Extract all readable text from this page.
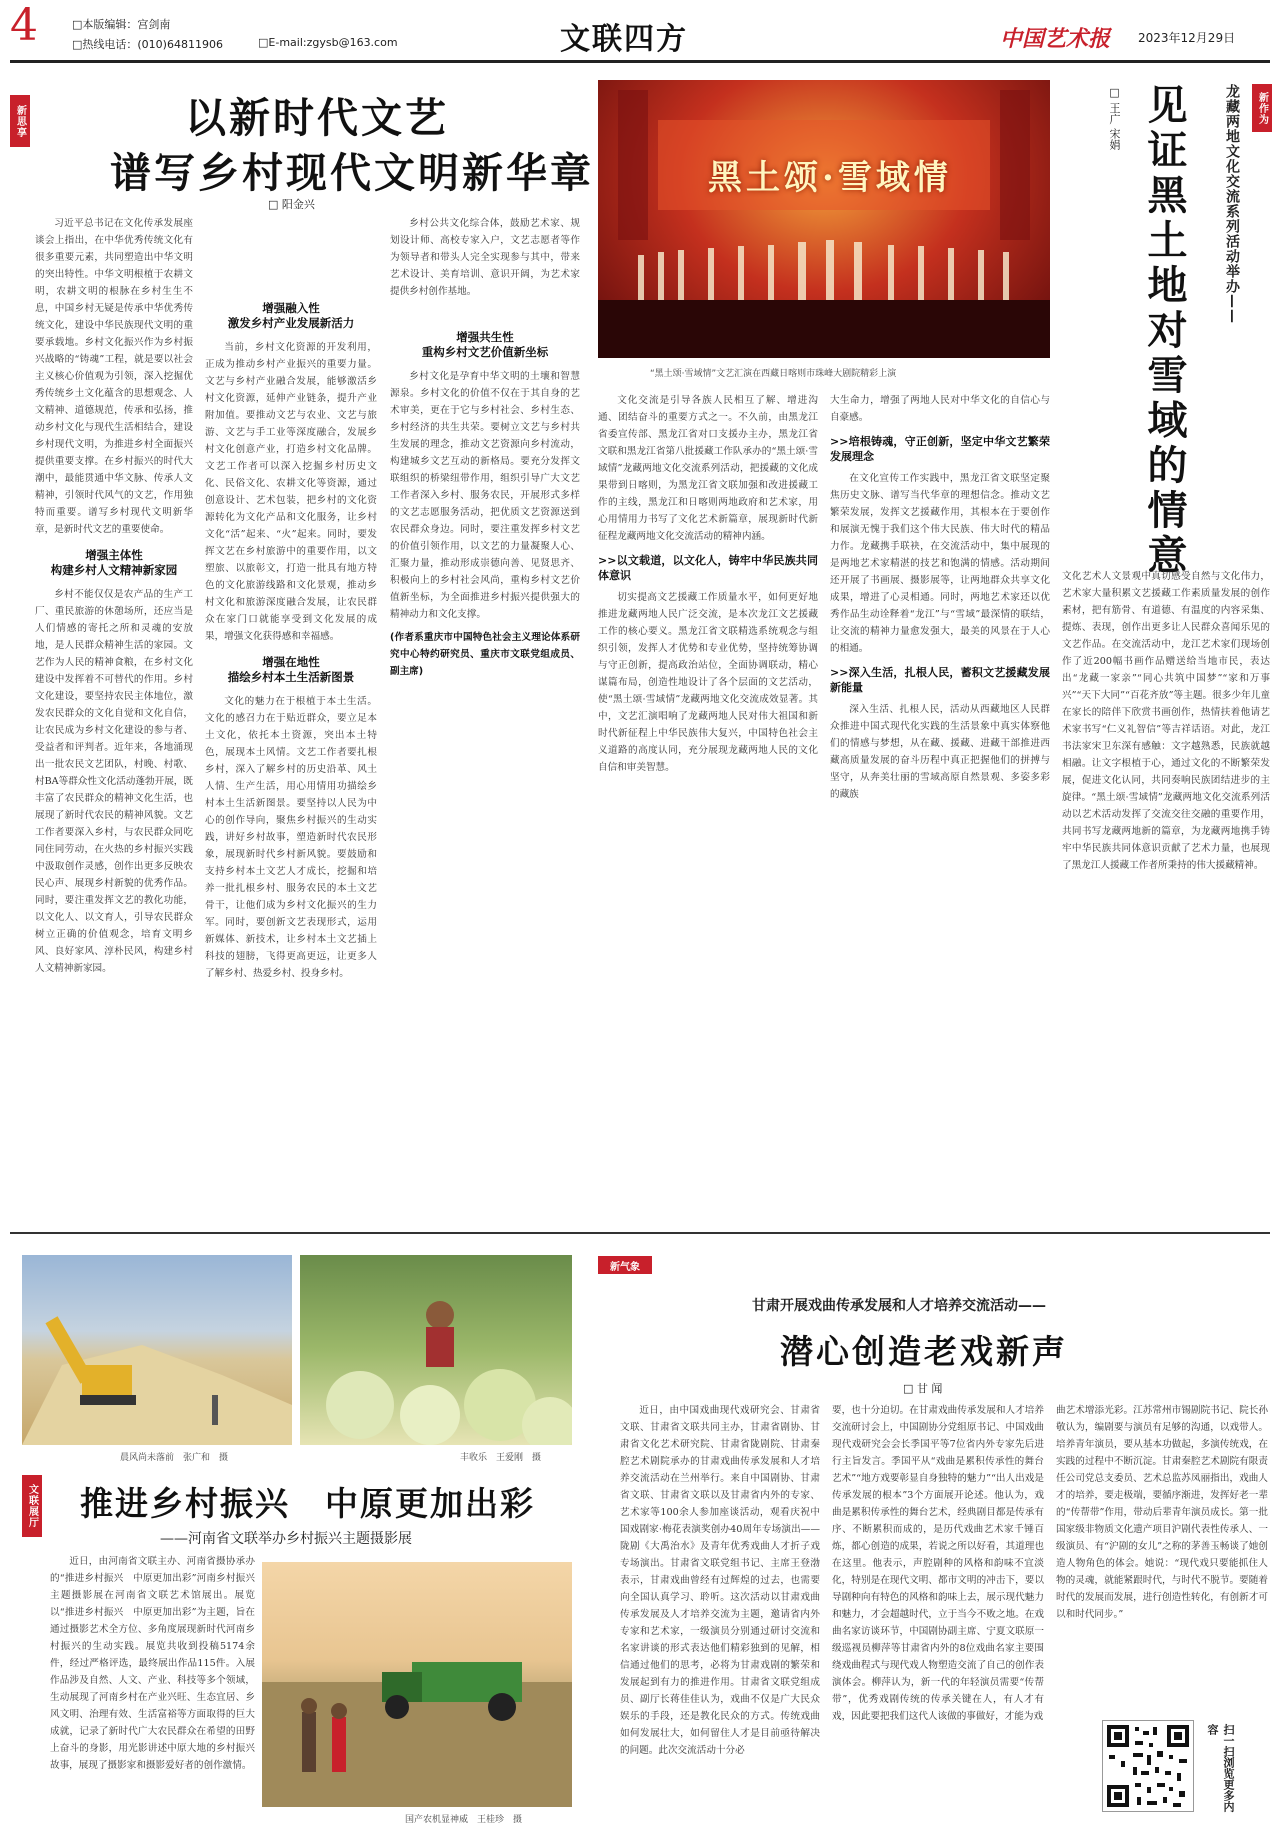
4	□本版编辑：宫剑南
□热线电话：(010)64811906	□E-mail:zgysb@163.com	文联四方	中国艺术报 2023年12月29日
新思享	以新时代文艺
谱写乡村现代文明新华章
□ 阳金兴

习近平总书记在文化传承发展座谈会上指出，在中华优秀传统文化有很多重要元素，共同塑造出中华文明的突出特性。中华文明根植于农耕文明，农耕文明的根脉在乡村生生不息，中国乡村无疑是传承中华优秀传统文化，建设中华民族现代文明的重要承载地。乡村文化振兴作为乡村振兴战略的“铸魂”工程，就是要以社会主义核心价值观为引领，深入挖掘优秀传统乡土文化蕴含的思想观念、人文精神、道德规范，传承和弘扬，推动乡村文化与现代生活相结合，建设乡村现代文明，为推进乡村全面振兴提供重要支撑。在乡村振兴的时代大潮中，最能贯通中华文脉、传承人文精神，引领时代风气的文艺，作用独特而重要。谱写乡村现代文明新华章，是新时代文艺的重要使命。

增强主体性
构建乡村人文精神新家园

乡村不能仅仅是农产品的生产工厂、重民旅游的休憩场所，还应当是人们情感的寄托之所和灵魂的安放地，是人民群众精神生活的家园。文艺作为人民的精神食粮，在乡村文化建设中发挥着不可替代的作用。乡村文化建设，要坚持农民主体地位，激发农民群众的文化自觉和文化自信，让农民成为乡村文化建设的参与者、受益者和评判者。近年来，各地涌现出一批农民文艺团队，村晚、村歌、村BA等群众性文化活动蓬勃开展，既丰富了农民群众的精神文化生活，也展现了新时代农民的精神风貌。文艺工作者要深入乡村，与农民群众同吃同住同劳动，在火热的乡村振兴实践中汲取创作灵感，创作出更多反映农民心声、展现乡村新貌的优秀作品。同时，要注重发挥文艺的教化功能，以文化人、以文育人，引导农民群众树立正确的价值观念，培育文明乡风、良好家风、淳朴民风，构建乡村人文精神新家园。

增强融入性
激发乡村产业发展新活力

当前，乡村文化资源的开发利用，正成为推动乡村产业振兴的重要力量。文艺与乡村产业融合发展，能够激活乡村文化资源，延伸产业链条，提升产业附加值。要推动文艺与农业、文艺与旅游、文艺与手工业等深度融合，发展乡村文化创意产业，打造乡村文化品牌。文艺工作者可以深入挖掘乡村历史文化、民俗文化、农耕文化等资源，通过创意设计、艺术包装，把乡村的文化资源转化为文化产品和文化服务，让乡村文化“活”起来、“火”起来。同时，要发挥文艺在乡村旅游中的重要作用，以文塑旅、以旅彰文，打造一批具有地方特色的文化旅游线路和文化景观，推动乡村文化和旅游深度融合发展，让农民群众在家门口就能享受到文化发展的成果，增强文化获得感和幸福感。

增强在地性
描绘乡村本土生活新图景

文化的魅力在于根植于本土生活。文化的感召力在于贴近群众，要立足本土文化，依托本土资源，突出本土特色，展现本土风情。文艺工作者要扎根乡村，深入了解乡村的历史沿革、风土人情、生产生活，用心用情用功描绘乡村本土生活新图景。要坚持以人民为中心的创作导向，聚焦乡村振兴的生动实践，讲好乡村故事，塑造新时代农民形象，展现新时代乡村新风貌。要鼓励和支持乡村本土文艺人才成长，挖掘和培养一批扎根乡村、服务农民的本土文艺骨干，让他们成为乡村文化振兴的生力军。同时，要创新文艺表现形式，运用新媒体、新技术，让乡村本土文艺插上科技的翅膀，飞得更高更远，让更多人了解乡村、热爱乡村、投身乡村。

乡村公共文化综合体，鼓励艺术家、规划设计师、高校专家入户，文艺志愿者等作为领导者和带头人完全实现参与其中，带来艺术设计、美育培训、意识开阔，为艺术家提供乡村创作基地。

增强共生性
重构乡村文艺价值新坐标

乡村文化是孕育中华文明的土壤和智慧源泉。乡村文化的价值不仅在于其自身的艺术审美，更在于它与乡村社会、乡村生态、乡村经济的共生共荣。要树立文艺与乡村共生发展的理念，推动文艺资源向乡村流动，构建城乡文艺互动的新格局。要充分发挥文联组织的桥梁纽带作用，组织引导广大文艺工作者深入乡村、服务农民，开展形式多样的文艺志愿服务活动，把优质文艺资源送到农民群众身边。同时，要注重发挥乡村文艺的价值引领作用，以文艺的力量凝聚人心、汇聚力量，推动形成崇德向善、见贤思齐、积极向上的乡村社会风尚，重构乡村文艺价值新坐标，为全面推进乡村振兴提供强大的精神动力和文化支撑。

(作者系重庆市中国特色社会主义理论体系研究中心特约研究员、重庆市文联党组成员、副主席)

黑土颂·雪域情
“黑土颂·雪域情”文艺汇演在西藏日喀则市珠峰大剧院精彩上演
新作为
龙藏两地文化交流系列活动举办——
见证黑土地对雪域的情意
□ 王广 宋娟

文化交流是引导各族人民相互了解、增进沟通、团结奋斗的重要方式之一。不久前，由黑龙江省委宣传部、黑龙江省对口支援办主办，黑龙江省文联和黑龙江省第八批援藏工作队承办的“黑土颂·雪域情”龙藏两地文化交流系列活动，把援藏的文化成果带到日喀则，为黑龙江省文联加强和改进援藏工作的主线，黑龙江和日喀则两地政府和艺术家，用心用情用力书写了文化艺术新篇章，展现新时代新征程龙藏两地文化交流活动的精神内涵。

>>以文载道，以文化人，铸牢中华民族共同体意识

切实提高文艺援藏工作质量水平，如何更好地推进龙藏两地人民广泛交流，是本次龙江文艺援藏工作的核心要义。黑龙江省文联精选系统观念与组织引领，发挥人才优势和专业优势，坚持统筹协调与守正创新，提高政治站位，全面协调联动，精心谋篇布局，创造性地设计了各个层面的文艺活动，使“黑土颂·雪域情”龙藏两地文化交流成效显著。其中，文艺汇演唱响了龙藏两地人民对伟大祖国和新时代新征程上中华民族伟大复兴，中国特色社会主义道路的高度认同，充分展现龙藏两地人民的文化自信和审美智慧。

大生命力，增强了两地人民对中华文化的自信心与自豪感。

>>培根铸魂，守正创新，坚定中华文艺繁荣发展理念

在文化宣传工作实践中，黑龙江省文联坚定聚焦历史文脉、谱写当代华章的理想信念。推动文艺繁荣发展，发挥文艺援藏作用，其根本在于要创作和展演无愧于我们这个伟大民族、伟大时代的精品力作。龙藏携手联袂，在交流活动中，集中展现的是两地艺术家精湛的技艺和饱满的情感。活动期间还开展了书画展、摄影展等，让两地群众共享文化成果，增进了心灵相通。同时，两地艺术家还以优秀作品生动诠释着“龙江”与“雪域”最深情的联结，让交流的精神力量愈发强大，最美的风景在于人心的相通。

>>深入生活，扎根人民，蓄积文艺援藏发展新能量

深入生活、扎根人民，活动从西藏地区人民群众推进中国式现代化实践的生活景象中真实体察他们的情感与梦想，从在藏、援藏、进藏干部推进西藏高质量发展的奋斗历程中真正把握他们的拼搏与坚守，从奔美壮丽的雪域高原自然景观、多姿多彩的藏族

文化艺术人文景观中真切感受自然与文化伟力，艺术家大量积累文艺援藏工作素质量发展的创作素材，把有筋骨、有道德、有温度的内容采集、提炼、表现，创作出更多让人民群众喜闻乐见的文艺作品。在交流活动中，龙江艺术家们现场创作了近200幅书画作品赠送给当地市民，表达出“龙藏一家亲”“同心共筑中国梦”“家和万事兴”“天下大同”“百花齐放”等主题。很多少年儿童在家长的陪伴下欣赏书画创作，热情扶着他请艺术家书写“仁义礼智信”等吉祥话语。对此，龙江书法家宋卫东深有感触：文字越熟悉，民族就越相融。让文字根植于心，通过文化的不断繁荣发展，促进文化认同，共同奏响民族团结进步的主旋律。“黑土颂·雪域情”龙藏两地文化交流系列活动以艺术活动发挥了交流交往交融的重要作用，共同书写龙藏两地新的篇章，为龙藏两地携手铸牢中华民族共同体意识贡献了艺术力量，也展现了黑龙江人援藏工作者所秉持的伟大援藏精神。

晨风尚未落前　张广和　摄	丰收乐　王爱刚　摄
文联展厅 推进乡村振兴　中原更加出彩
——河南省文联举办乡村振兴主题摄影展

近日，由河南省文联主办、河南省摄协承办的“推进乡村振兴　中原更加出彩”河南乡村振兴主题摄影展在河南省文联艺术馆展出。展览以“推进乡村振兴　中原更加出彩”为主题，旨在通过摄影艺术全方位、多角度展现新时代河南乡村振兴的生动实践。展览共收到投稿5174余件，经过严格评选，最终展出作品115件。入展作品涉及自然、人文、产业、科技等多个领域，生动展现了河南乡村在产业兴旺、生态宜居、乡风文明、治理有效、生活富裕等方面取得的巨大成就，记录了新时代广大农民群众在希望的田野上奋斗的身影，用光影讲述中原大地的乡村振兴故事，展现了摄影家和摄影爱好者的创作激情。

国产农机显神威　王桂珍　摄
新气象
甘肃开展戏曲传承发展和人才培养交流活动——
潜心创造老戏新声
□ 甘 闻

近日，由中国戏曲现代戏研究会、甘肃省文联、甘肃省文联共同主办，甘肃省剧协、甘肃省文化艺术研究院、甘肃省陇剧院、甘肃秦腔艺术剧院承办的甘肃戏曲传承发展和人才培养交流活动在兰州举行。来自中国剧协、甘肃省文联、甘肃省文联以及甘肃省内外的专家、艺术家等100余人参加座谈活动，观看庆祝中国戏剧家·梅花表演奖创办40周年专场演出——陇剧《大禹治水》及青年优秀戏曲人才折子戏专场演出。甘肃省文联党组书记、主席王登渤表示，甘肃戏曲曾经有过辉煌的过去，也需要向全国认真学习、聆听。这次活动以甘肃戏曲传承发展及人才培养交流为主题，邀请省内外专家和艺术家，一级演员分别通过研讨交流和名家讲谈的形式表达他们精彩独到的见解，相信通过他们的思考，必将为甘肃戏剧的繁荣和发展起到有力的推进作用。甘肃省文联党组成员、副厅长蒋佳佳认为，戏曲不仅是广大民众娱乐的手段，还是教化民众的方式。传统戏曲如何发展壮大，如何留住人才是目前亟待解决的问题。此次交流活动十分必

要，也十分迫切。在甘肃戏曲传承发展和人才培养交流研讨会上，中国剧协分党组原书记、中国戏曲现代戏研究会会长季国平等7位省内外专家先后进行主旨发言。季国平从“戏曲是累积传承性的舞台艺术”“地方戏要彰显自身独特的魅力”“出人出戏是传承发展的根本”3个方面展开论述。他认为，戏曲是累积传承性的舞台艺术，经典剧目都是传承有序、不断累积而成的，是历代戏曲艺术家千锤百炼，都心创造的成果，若说之所以好看，其道理也在这里。他表示，声腔剧种的风格和韵味不宜淡化，特别是在现代文明、都市文明的冲击下，要以导剧种向有特色的风格和韵味上去，展示现代魅力和魅力，才会超越时代，立于当今不败之地。在戏曲名家访谈环节，中国剧协副主席、宁夏文联原一级巡视员柳萍等甘肃省内外的8位戏曲名家主要围绕戏曲程式与现代戏人物塑造交流了自己的创作表演体会。柳萍认为，新一代的年轻演员需要“传帮带”，优秀戏剧传统的传承关键在人，有人才有戏，因此要把我们这代人该做的事做好，才能为戏

曲艺术增添光彩。江苏常州市锡剧院书记、院长孙敬认为，编剧要与演员有足够的沟通，以戏带人。培养青年演员，要从基本功做起，多演传统戏，在实践的过程中不断沉淀。甘肃秦腔艺术剧院有限责任公司党总支委员、艺术总监苏凤丽指出，戏曲人才的培养，要走极端，要循序渐进，发挥好老一辈的“传帮带”作用，带动后辈青年演员成长。第一批国家级非物质文化遗产项目沪剧代表性传承人、一级演员、有“沪剧的女儿”之称的茅善玉畅谈了她创造人物角色的体会。她说：“现代戏只要能抓住人物的灵魂，就能紧跟时代，与时代不脱节。要随着时代的发展而发展，进行创造性转化，有创新才可以和时代同步。”

扫一扫浏览更多内容
